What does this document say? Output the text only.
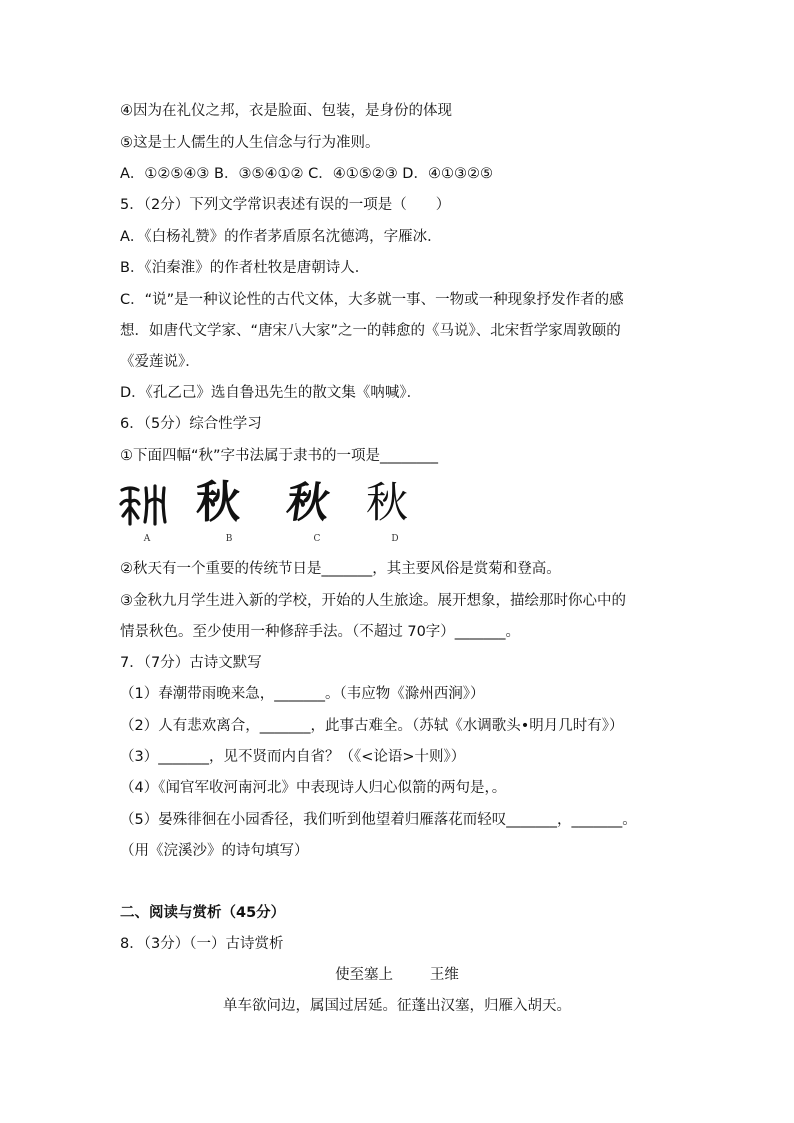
④因为在礼仪之邦，衣是脸面、包装，是身份的体现
⑤这是士人儒生的人生信念与行为准则。
A．①②⑤④③ B．③⑤④①② C．④①⑤②③ D．④①③②⑤
5．（2分）下列文学常识表述有误的一项是（　　）
A．《白杨礼赞》的作者茅盾原名沈德鸿，字雁冰．
B．《泊秦淮》的作者杜牧是唐朝诗人．
C．“说”是一种议论性的古代文体，大多就一事、一物或一种现象抒发作者的感
想．如唐代文学家、“唐宋八大家”之一的韩愈的《马说》、北宋哲学家周敦颐的
《爱莲说》．
D．《孔乙己》选自鲁迅先生的散文集《呐喊》．
6．（5分）综合性学习
①下面四幅“秋”字书法属于隶书的一项是________
秋 秋 秋
A	B	C	D
②秋天有一个重要的传统节日是_______，其主要风俗是赏菊和登高。
③金秋九月学生进入新的学校，开始的人生旅途。展开想象，描绘那时你心中的
情景秋色。至少使用一种修辞手法。（不超过 70字）_______。
7．（7分）古诗文默写
（1）春潮带雨晚来急，_______。（韦应物《滁州西涧》）
（2）人有悲欢离合，_______，此事古难全。（苏轼《水调歌头•明月几时有》）
（3）_______，见不贤而内自省？（《<论语>十则》）
（4）《闻官军收河南河北》中表现诗人归心似箭的两句是，。
（5）晏殊徘徊在小园香径，我们听到他望着归雁落花而轻叹_______，_______。
（用《浣溪沙》的诗句填写）
二、阅读与赏析（45分）
8．（3分）（一）古诗赏析
使至塞上        王维
单车欲问边，属国过居延。征蓬出汉塞，归雁入胡天。
